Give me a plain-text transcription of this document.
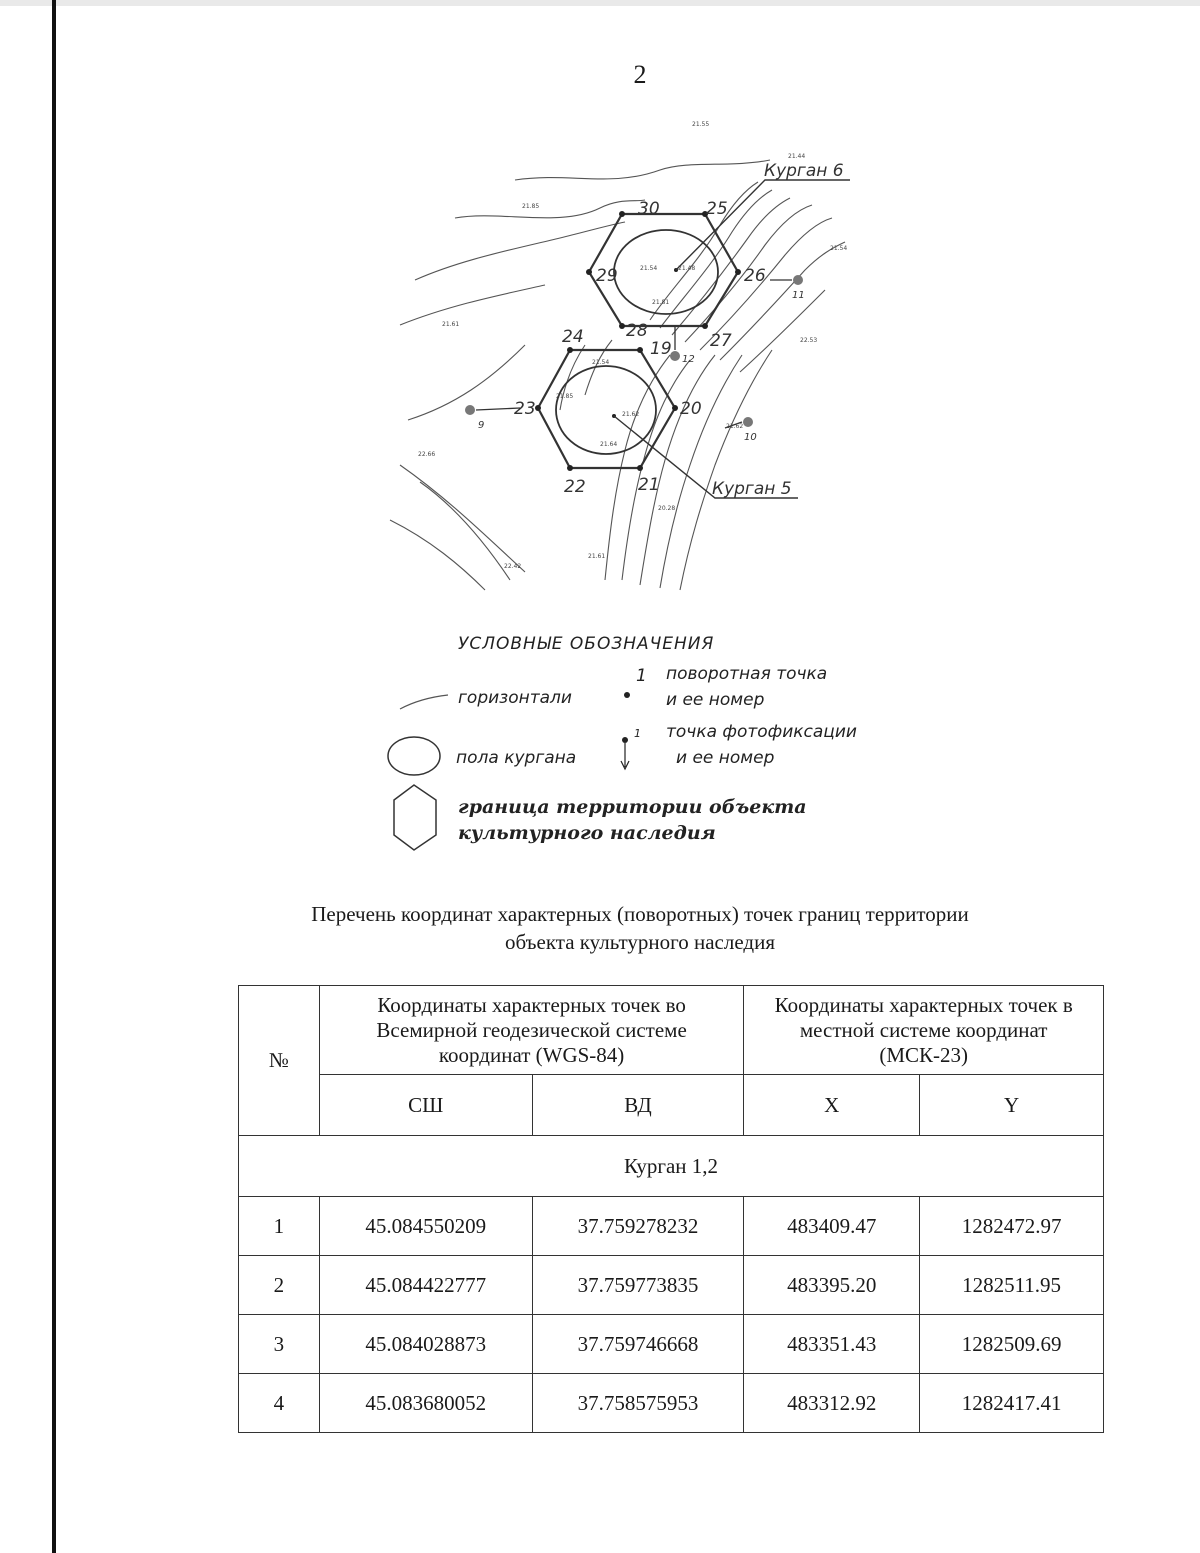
2
30	25
29	26
28	27
24
19
23	20
22	21
11
12
9
10
Курган 6
Курган 5
21.55
21.44
21.85
21.54
21.61
22.53
22.66
21.62
22.42
21.61
20.28
21.48
21.54
21.81
21.54
21.85
21.62
21.64
УСЛОВНЫЕ ОБОЗНАЧЕНИЯ
горизонтали
1 поворотная точка
и ее номер
пола кургана
1 точка фотофиксации
и ее номер
граница территории объекта
культурного наследия
Перечень координат характерных (поворотных) точек границ территории
объекта культурного наследия
№	Координаты характерных точек во Всемирной геодезической системе координат (WGS-84)		Координаты характерных точек в местной системе координат (МСК-23)	
	СШ	ВД	X	Y
Курган 1,2				
1	45.084550209	37.759278232	483409.47	1282472.97
2	45.084422777	37.759773835	483395.20	1282511.95
3	45.084028873	37.759746668	483351.43	1282509.69
4	45.083680052	37.758575953	483312.92	1282417.41
